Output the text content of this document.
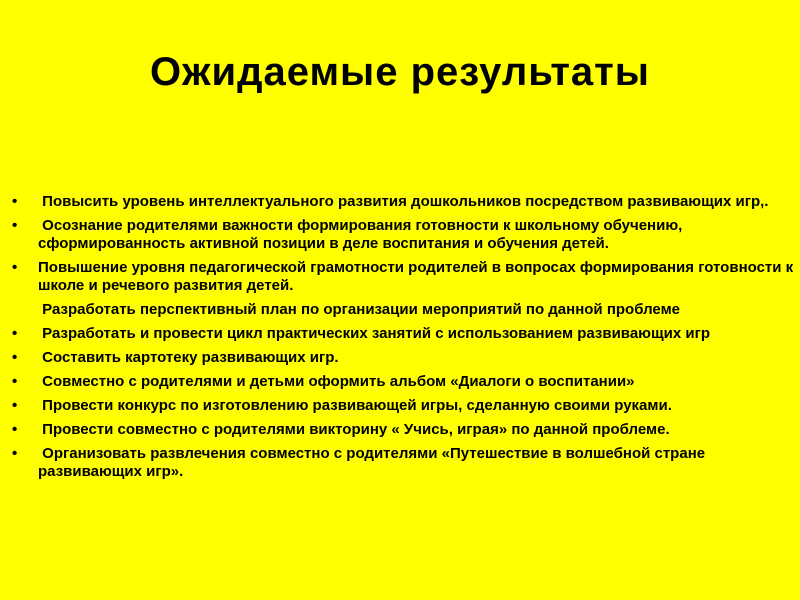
Ожидаемые результаты
•	Повысить уровень интеллектуального развития дошкольников посредством развивающих игр,.
•	Осознание родителями важности формирования готовности к школьному обучению, сформированность активной позиции в деле воспитания и обучения детей.
•	Повышение уровня педагогической грамотности родителей в вопросах формирования готовности к школе и речевого развития детей.
Разработать перспективный план по организации мероприятий по данной проблеме
•	Разработать и провести цикл практических занятий с использованием развивающих игр
•	Составить картотеку развивающих игр.
•	Совместно с родителями и детьми оформить альбом «Диалоги о воспитании»
•	Провести конкурс по изготовлению развивающей игры, сделанную своими руками.
•	Провести совместно с родителями викторину « Учись, играя» по данной проблеме.
•	Организовать развлечения совместно с родителями «Путешествие в волшебной стране развивающих игр».
